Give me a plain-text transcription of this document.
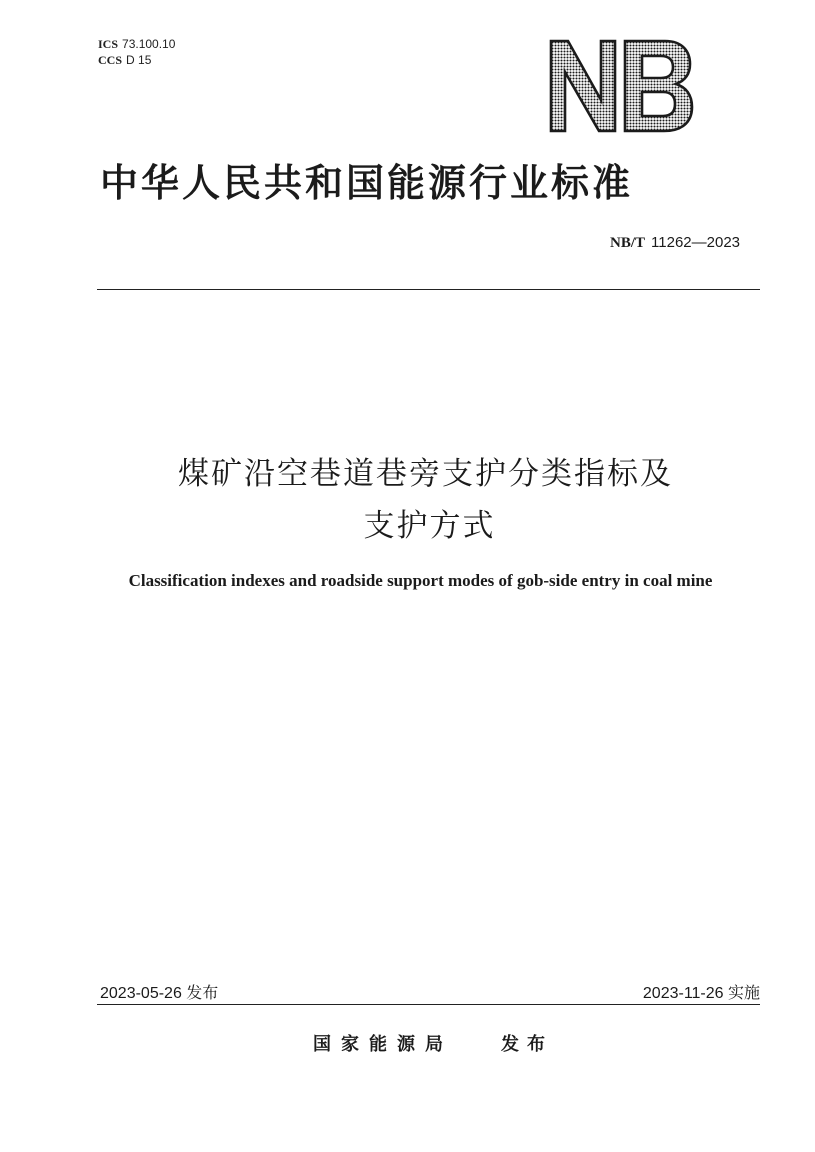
ICS 73.100.10
CCS D 15
中华人民共和国能源行业标准
NB/T 11262—2023
煤矿沿空巷道巷旁支护分类指标及
支护方式
Classification indexes and roadside support modes of gob-side entry in coal mine
2023-05-26 发布	2023-11-26 实施
国家能源局	发布
